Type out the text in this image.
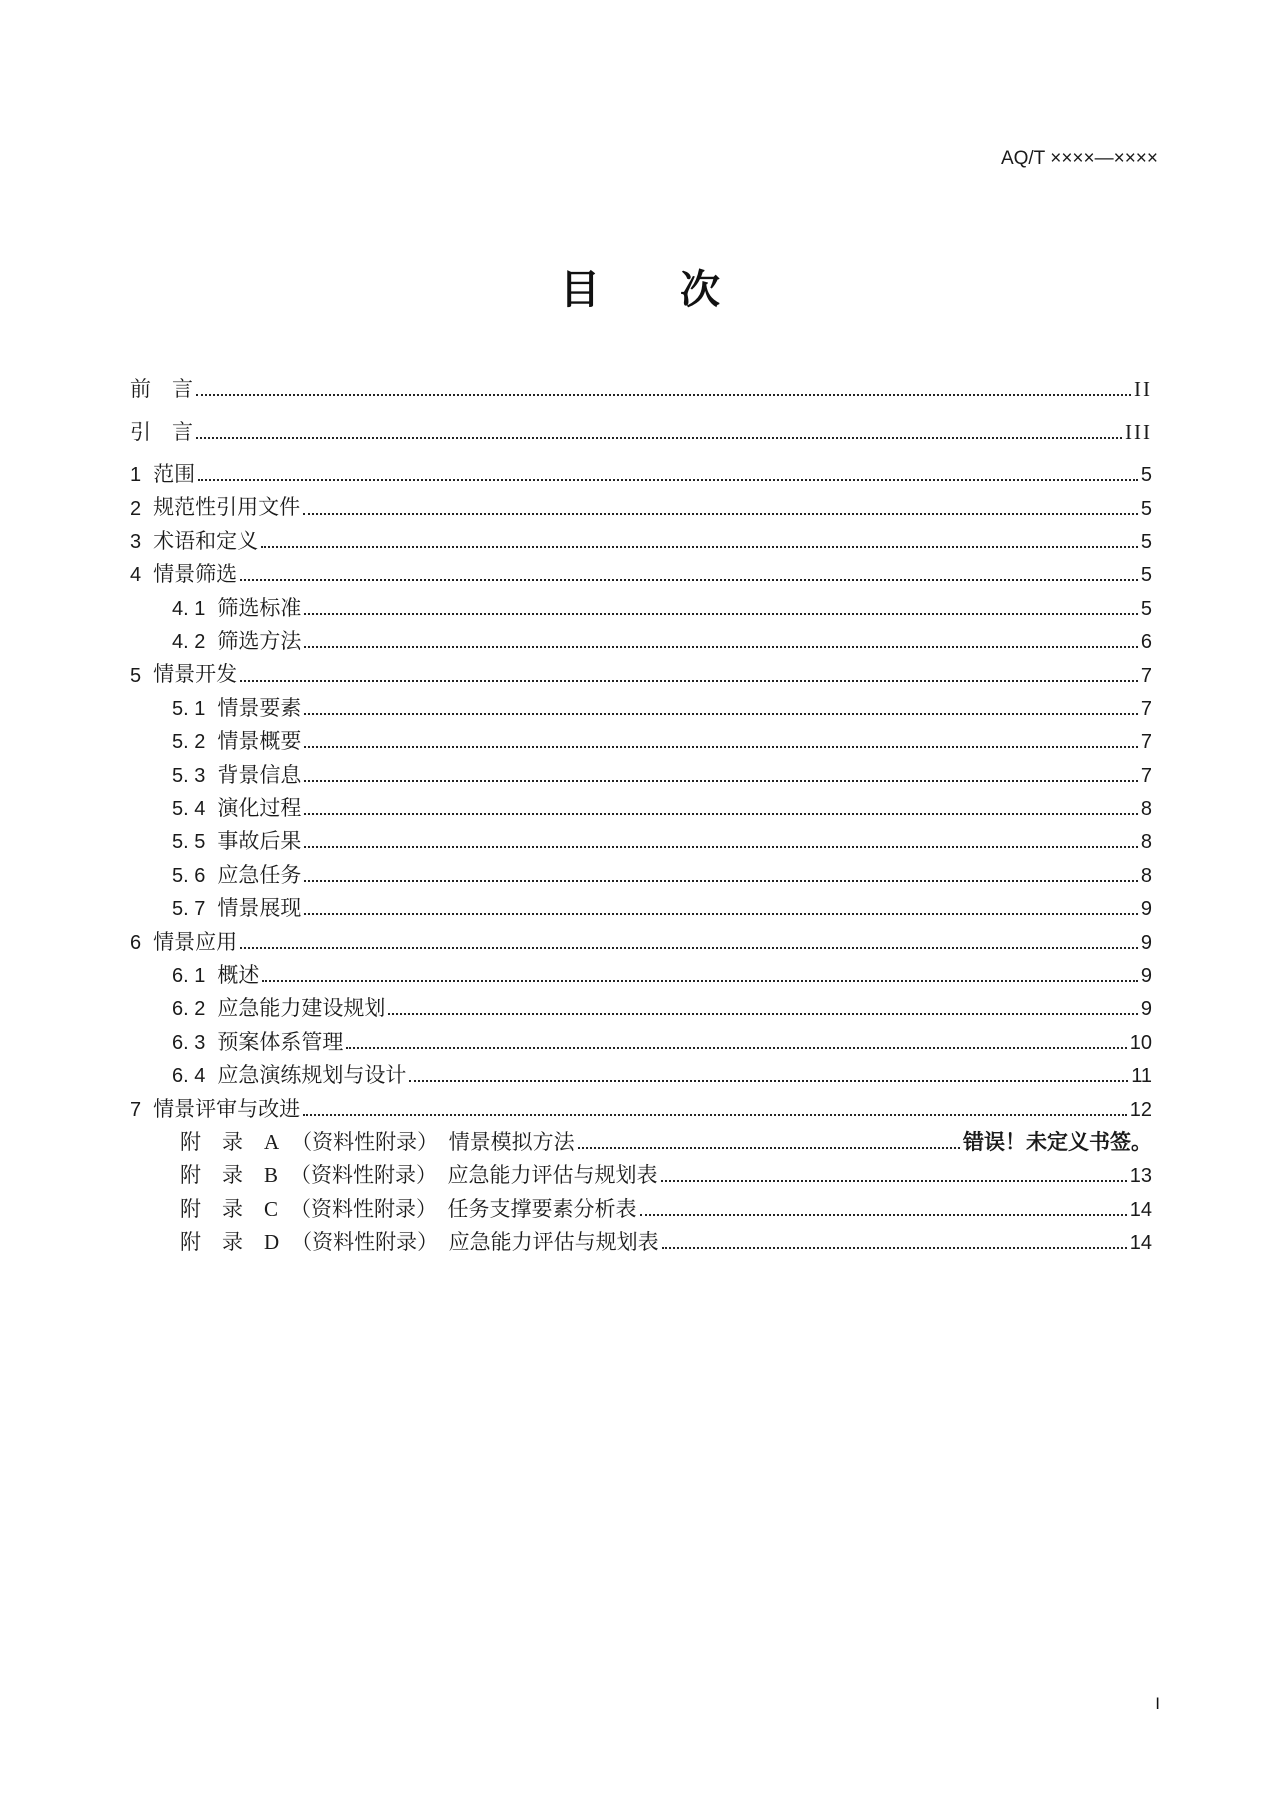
AQ/T ××××—××××
目　　次
前　言	II
引　言	III
1 范围	5
2 规范性引用文件	5
3 术语和定义	5
4 情景筛选	5
4. 1 筛选标准	5
4. 2 筛选方法	6
5 情景开发	7
5. 1 情景要素	7
5. 2 情景概要	7
5. 3 背景信息	7
5. 4 演化过程	8
5. 5 事故后果	8
5. 6 应急任务	8
5. 7 情景展现	9
6 情景应用	9
6. 1 概述	9
6. 2 应急能力建设规划	9
6. 3 预案体系管理	10
6. 4 应急演练规划与设计	11
7 情景评审与改进	12
附　录　A （资料性附录）　情景模拟方法	错误！未定义书签。
附　录　B （资料性附录）　应急能力评估与规划表	13
附　录　C （资料性附录）　任务支撑要素分析表	14
附　录　D （资料性附录）　应急能力评估与规划表	14
I
